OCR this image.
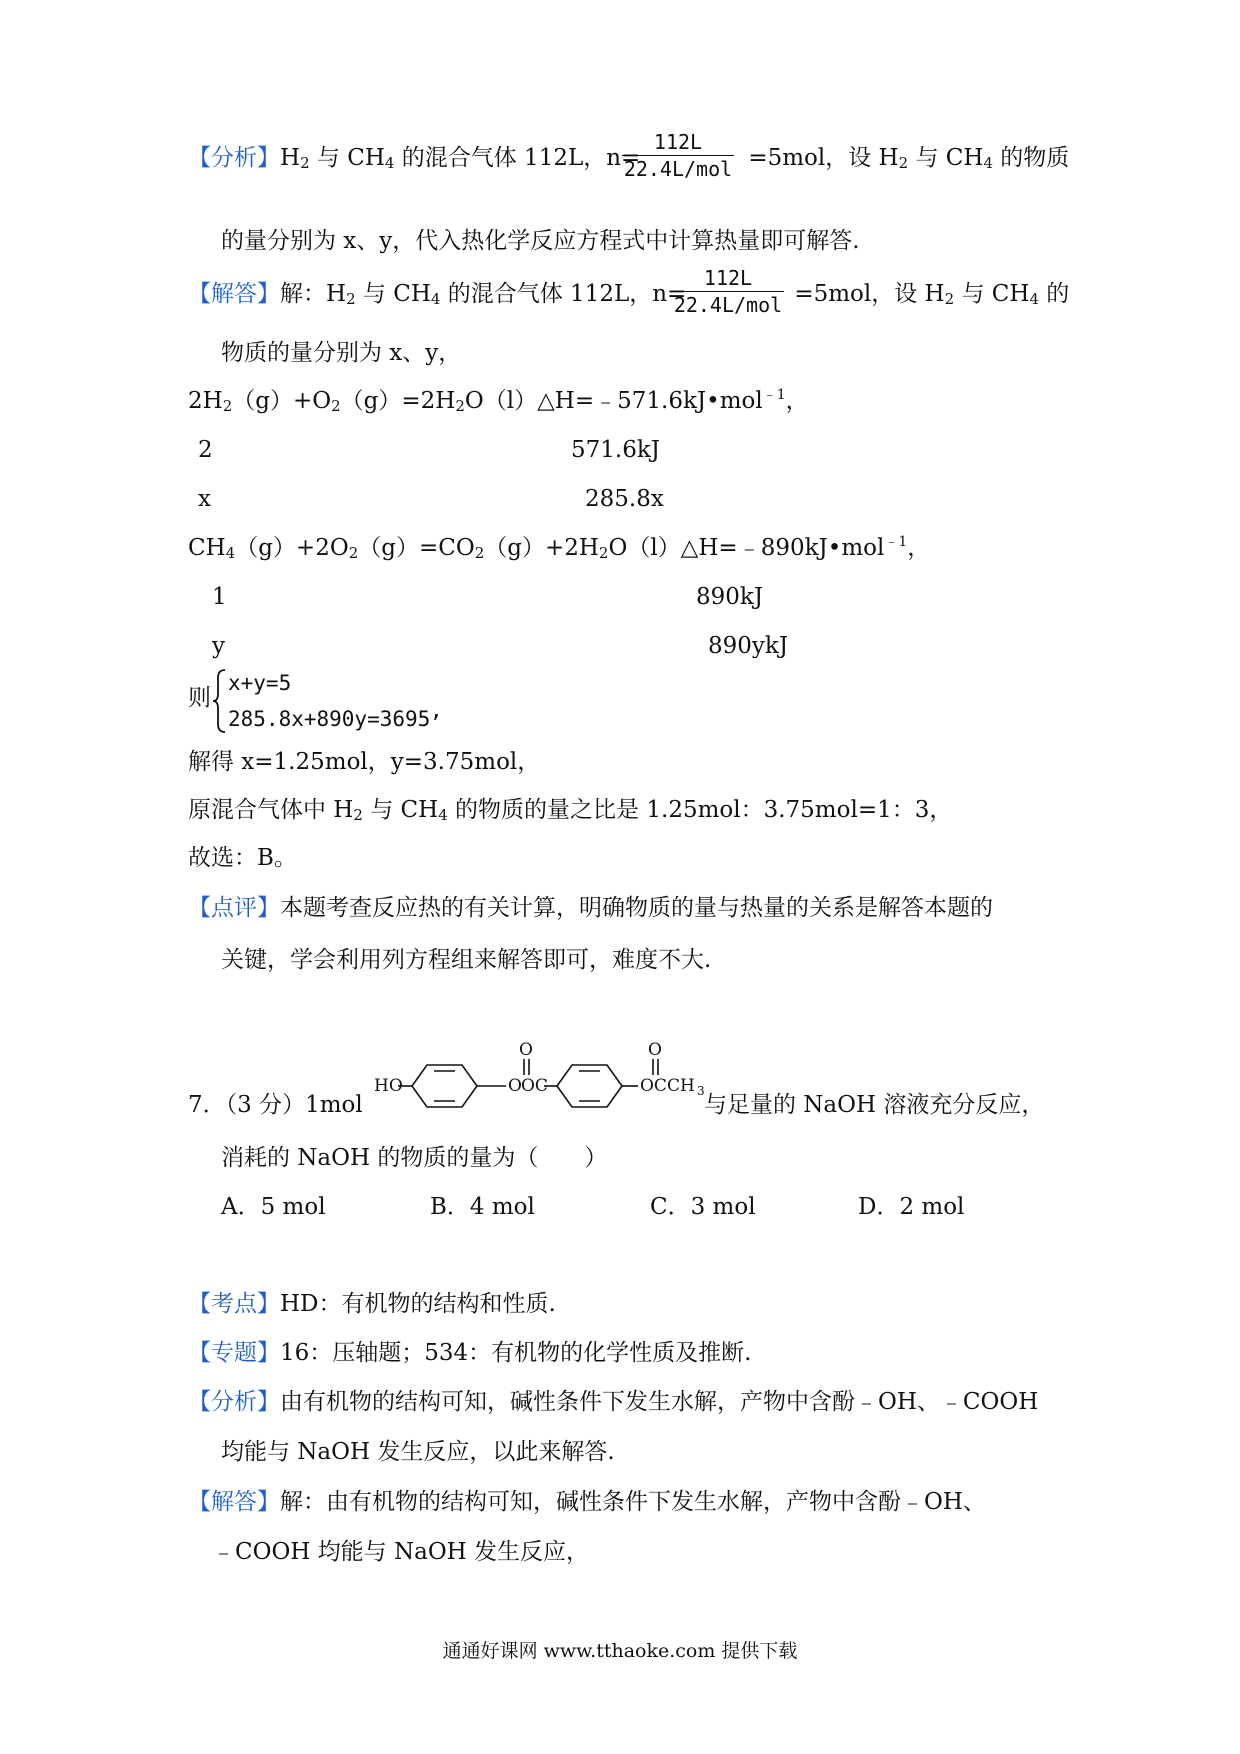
【分析】$H_2$ 与 $CH_4$ 的混合气体 112L，n=	=5mol，设 $H_2$ 与 $CH_4$ 的物质
112L
22.4L/mol
的量分别为 x、y，代入热化学反应方程式中计算热量即可解答.
【解答】解：$H_2$ 与 $CH_4$ 的混合气体 112L，n=	=5mol，设 $H_2$ 与 $CH_4$ 的
112L
22.4L/mol
物质的量分别为 x、y，
$2H_2(g)+O_2(g)=2H_2O(l)\triangle H=﹣571.6kJ•mol^{﹣1}$，
2	571.6kJ
x	285.8x
$CH_4(g)+2O_2(g)=CO_2(g)+2H_2O(l)\triangle H=﹣890kJ•mol^{﹣1}$，
1	890kJ
y	890ykJ
则
x+y=5
285.8x+890y=3695 ,
解得 x=1.25mol，y=3.75mol，
原混合气体中 $H_2$ 与 $CH_4$ 的物质的量之比是 1.25mol：3.75mol=1：3，
故选：B。
【点评】本题考查反应热的有关计算，明确物质的量与热量的关系是解答本题的
关键，学会利用列方程组来解答即可，难度不大.
7．（3 分）1mol
HO	O OC
O
OCCH 3
O
与足量的 NaOH 溶液充分反应，
消耗的 NaOH 的物质的量为（　　）
A．5 mol	B．4 mol	C．3 mol	D．2 mol
【考点】HD：有机物的结构和性质.
【专题】16：压轴题；534：有机物的化学性质及推断.
【分析】由有机物的结构可知，碱性条件下发生水解，产物中含酚﹣OH、﹣COOH
均能与 NaOH 发生反应，以此来解答.
【解答】解：由有机物的结构可知，碱性条件下发生水解，产物中含酚﹣OH、
﹣COOH 均能与 NaOH 发生反应，
通通好课网 www.tthaoke.com 提供下载
